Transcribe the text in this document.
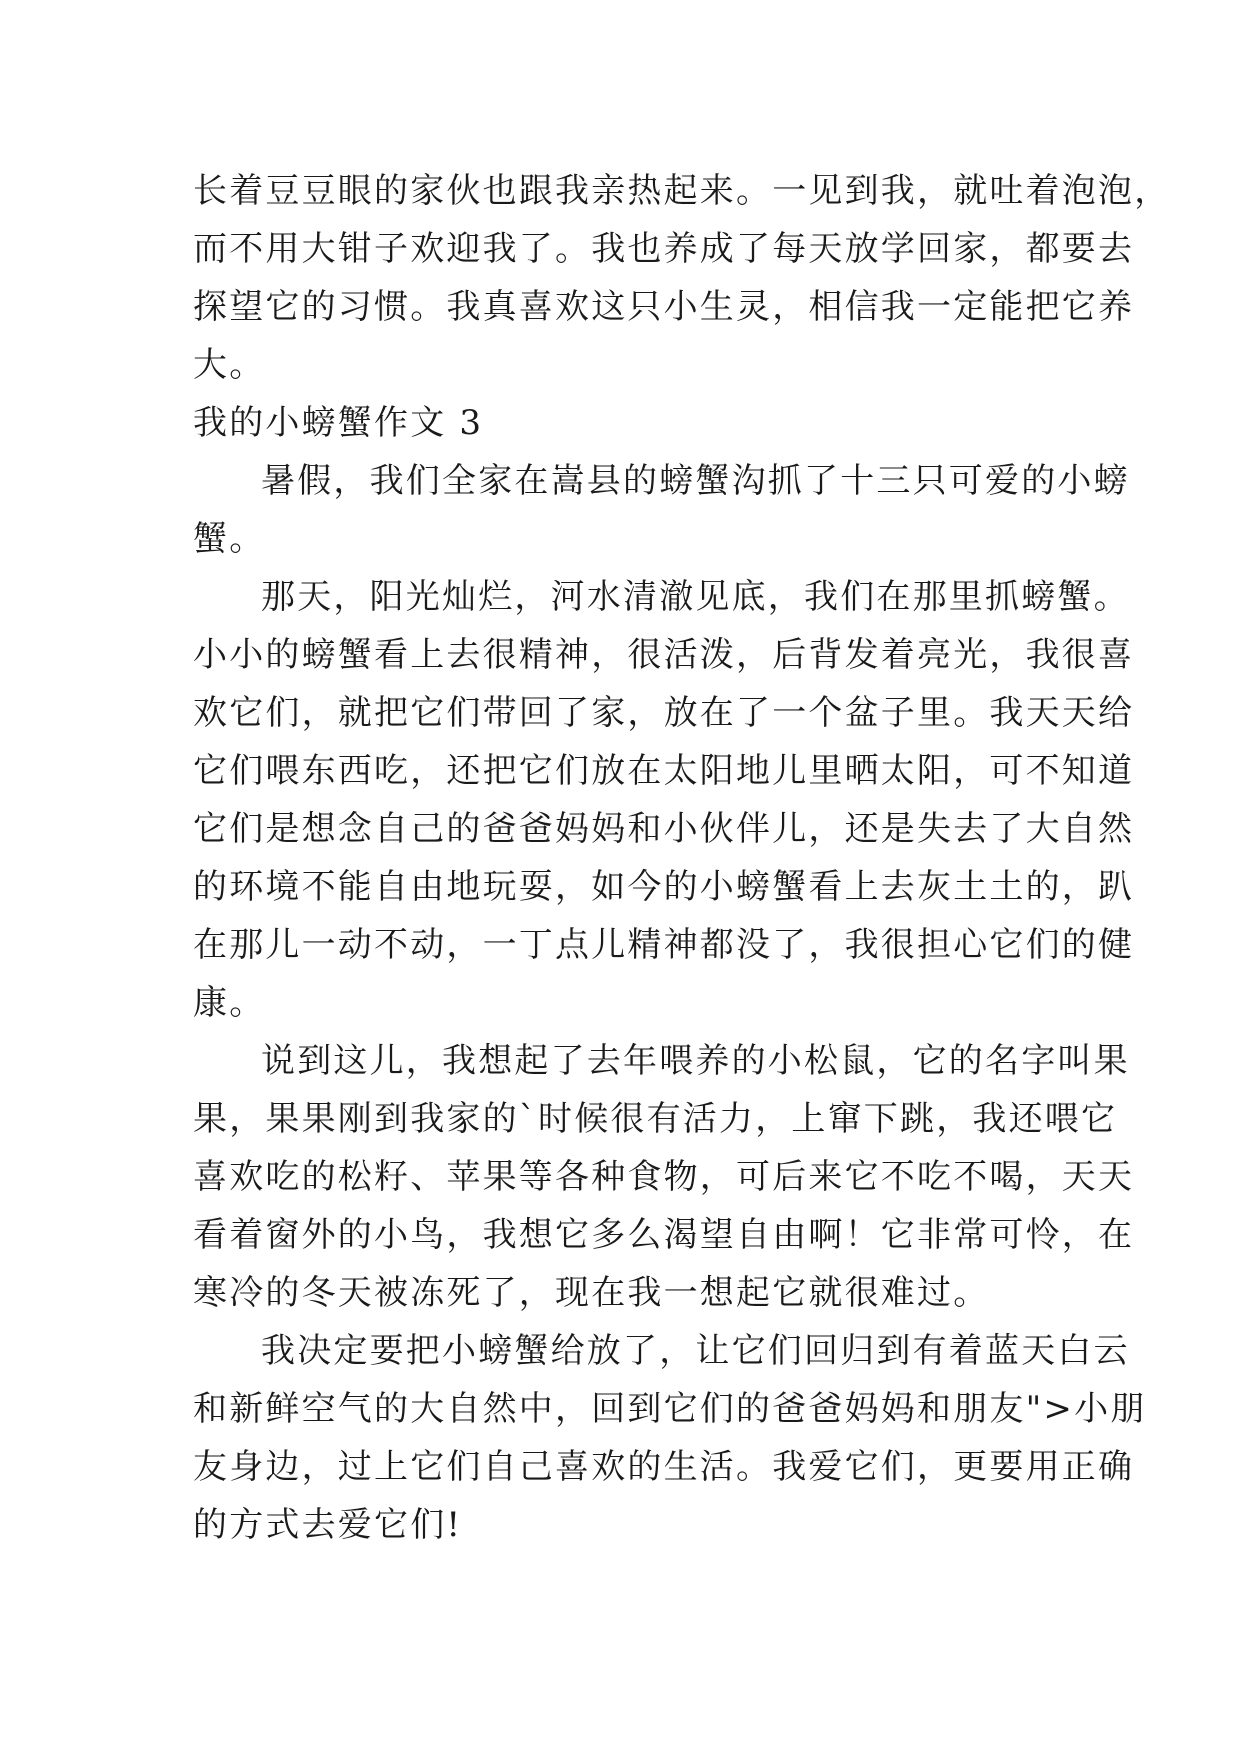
长着豆豆眼的家伙也跟我亲热起来。一见到我，就吐着泡泡，
而不用大钳子欢迎我了。我也养成了每天放学回家，都要去
探望它的习惯。我真喜欢这只小生灵，相信我一定能把它养
大。
我的小螃蟹作文 3
暑假，我们全家在嵩县的螃蟹沟抓了十三只可爱的小螃
蟹。
那天，阳光灿烂，河水清澈见底，我们在那里抓螃蟹。
小小的螃蟹看上去很精神，很活泼，后背发着亮光，我很喜
欢它们，就把它们带回了家，放在了一个盆子里。我天天给
它们喂东西吃，还把它们放在太阳地儿里晒太阳，可不知道
它们是想念自己的爸爸妈妈和小伙伴儿，还是失去了大自然
的环境不能自由地玩耍，如今的小螃蟹看上去灰土土的，趴
在那儿一动不动，一丁点儿精神都没了，我很担心它们的健
康。
说到这儿，我想起了去年喂养的小松鼠，它的名字叫果
果，果果刚到我家的`时候很有活力，上窜下跳，我还喂它
喜欢吃的松籽、苹果等各种食物，可后来它不吃不喝，天天
看着窗外的小鸟，我想它多么渴望自由啊！它非常可怜，在
寒冷的冬天被冻死了，现在我一想起它就很难过。
我决定要把小螃蟹给放了，让它们回归到有着蓝天白云
和新鲜空气的大自然中，回到它们的爸爸妈妈和朋友">小朋
友身边，过上它们自己喜欢的生活。我爱它们，更要用正确
的方式去爱它们!
